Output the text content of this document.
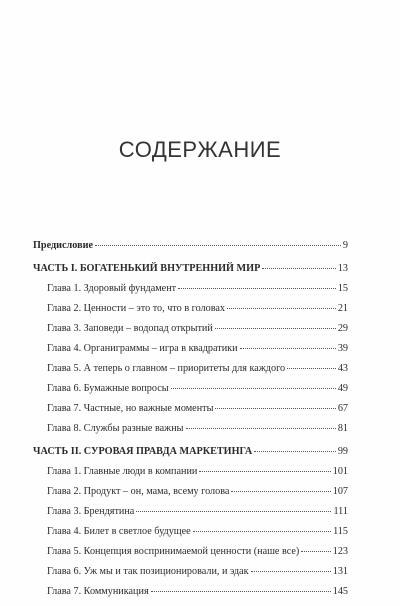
СОДЕРЖАНИЕ
Предисловие	9
ЧАСТЬ I. БОГАТЕНЬКИЙ ВНУТРЕННИЙ МИР	13
Глава 1. Здоровый фундамент	15
Глава 2. Ценности – это то, что в головах	21
Глава 3. Заповеди – водопад открытий	29
Глава 4. Органиграммы – игра в квадратики	39
Глава 5. А теперь о главном – приоритеты для каждого	43
Глава 6. Бумажные вопросы	49
Глава 7. Частные, но важные моменты	67
Глава 8. Службы разные важны	81
ЧАСТЬ II. СУРОВАЯ ПРАВДА МАРКЕТИНГА	99
Глава 1. Главные люди в компании	101
Глава 2. Продукт – он, мама, всему голова	107
Глава 3. Брендятина	111
Глава 4. Билет в светлое будущее	115
Глава 5. Концепция воспринимаемой ценности (наше все)	123
Глава 6. Уж мы и так позиционировали, и эдак	131
Глава 7. Коммуникация	145
